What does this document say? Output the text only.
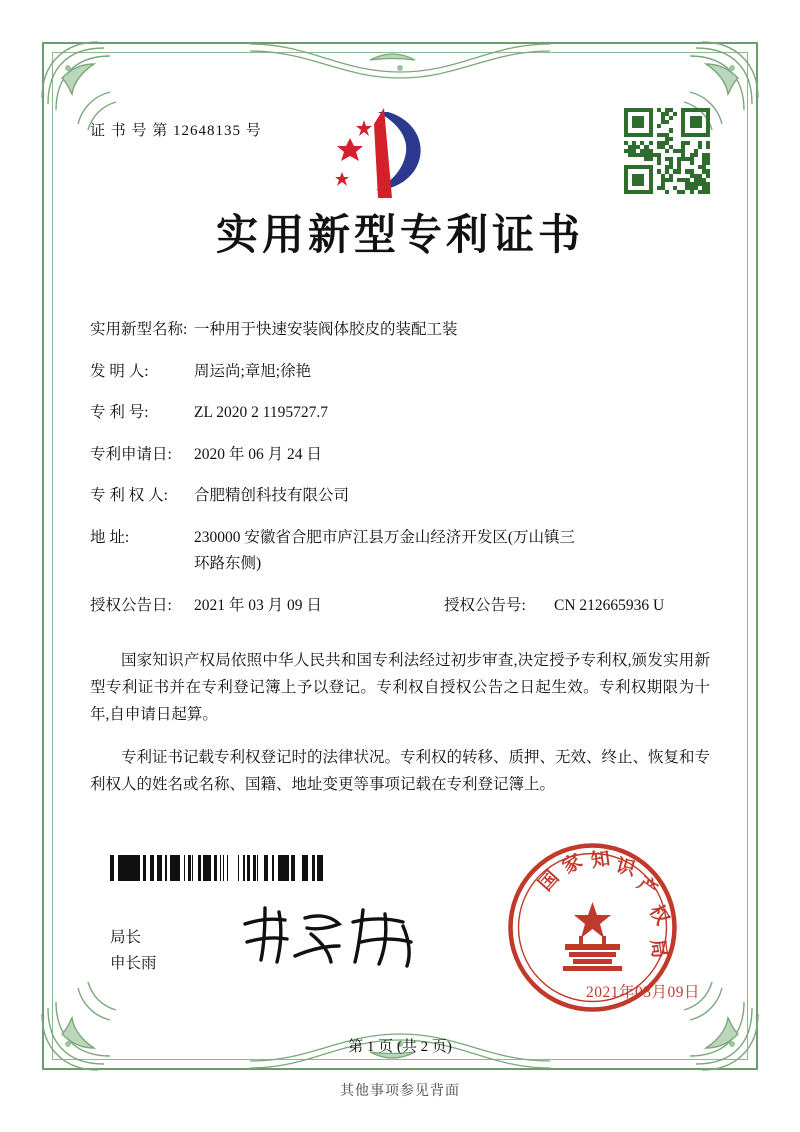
证 书 号 第 12648135 号

实用新型专利证书
实用新型名称: 一种用于快速安装阀体胶皮的装配工装
发 明 人:	周运尚;章旭;徐艳
专 利 号:	ZL 2020 2 1195727.7
专利申请日:	2020 年 06 月 24 日
专 利 权 人:	合肥精创科技有限公司
地 址:	230000 安徽省合肥市庐江县万金山经济开发区(万山镇三
环路东侧)
授权公告日:	2021 年 03 月 09 日	授权公告号:	CN 212665936 U

国家知识产权局依照中华人民共和国专利法经过初步审查,决定授予专利权,颁发实用新型专利证书并在专利登记簿上予以登记。专利权自授权公告之日起生效。专利权期限为十年,自申请日起算。

专利证书记载专利权登记时的法律状况。专利权的转移、质押、无效、终止、恢复和专利权人的姓名或名称、国籍、地址变更等事项记载在专利登记簿上。

局长
申长雨
国
家 知 识
产
权
局
2021年03月09日
第 1 页 (共 2 页)
其他事项参见背面
